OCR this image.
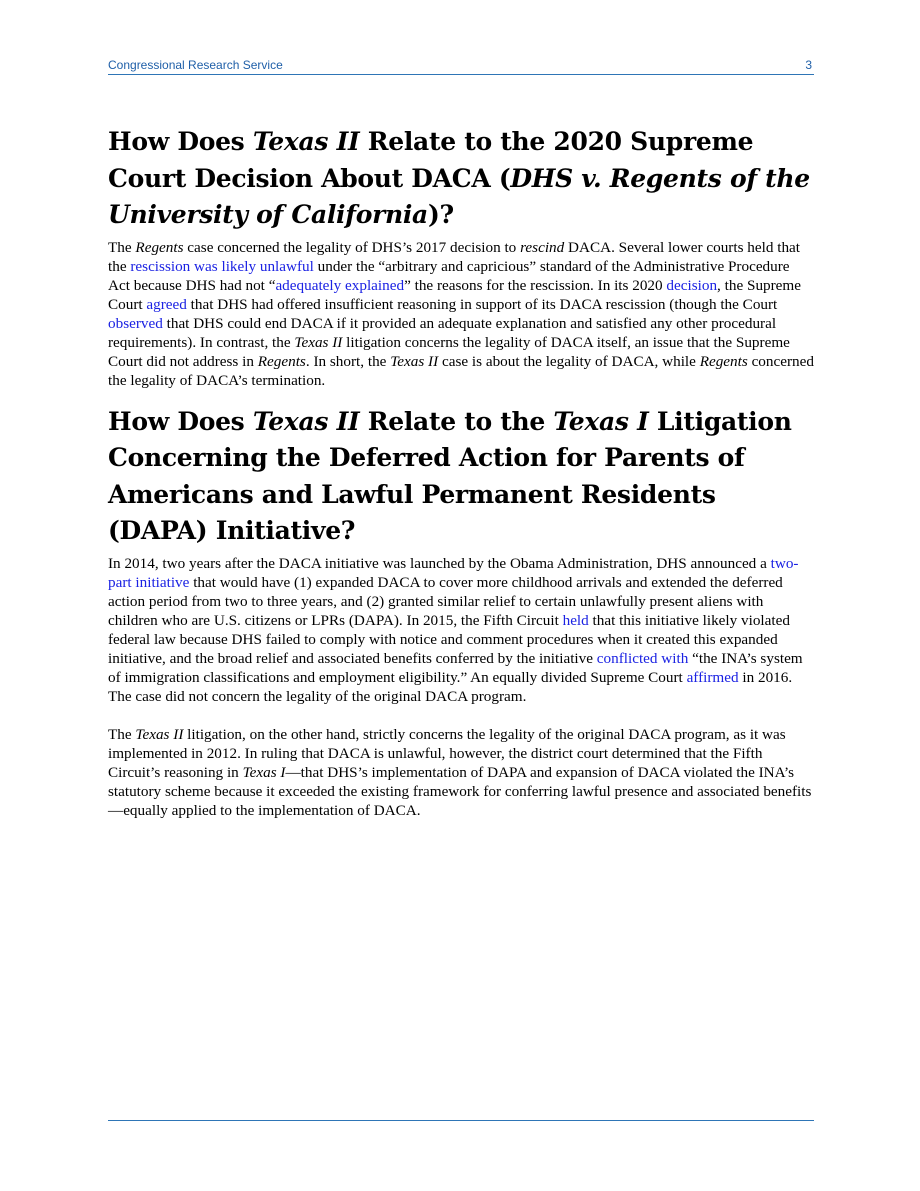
Congressional Research Service	3
How Does Texas II Relate to the 2020 Supreme Court Decision About DACA (DHS v. Regents of the University of California)?

The Regents case concerned the legality of DHS’s 2017 decision to rescind DACA. Several lower courts held that the rescission was likely unlawful under the “arbitrary and capricious” standard of the Administrative Procedure Act because DHS had not “adequately explained” the reasons for the rescission. In its 2020 decision, the Supreme Court agreed that DHS had offered insufficient reasoning in support of its DACA rescission (though the Court observed that DHS could end DACA if it provided an adequate explanation and satisfied any other procedural requirements). In contrast, the Texas II litigation concerns the legality of DACA itself, an issue that the Supreme Court did not address in Regents. In short, the Texas II case is about the legality of DACA, while Regents concerned the legality of DACA’s termination.

How Does Texas II Relate to the Texas I Litigation Concerning the Deferred Action for Parents of Americans and Lawful Permanent Residents (DAPA) Initiative?

In 2014, two years after the DACA initiative was launched by the Obama Administration, DHS announced a two-part initiative that would have (1) expanded DACA to cover more childhood arrivals and extended the deferred action period from two to three years, and (2) granted similar relief to certain unlawfully present aliens with children who are U.S. citizens or LPRs (DAPA). In 2015, the Fifth Circuit held that this initiative likely violated federal law because DHS failed to comply with notice and comment procedures when it created this expanded initiative, and the broad relief and associated benefits conferred by the initiative conflicted with “the INA’s system of immigration classifications and employment eligibility.” An equally divided Supreme Court affirmed in 2016. The case did not concern the legality of the original DACA program.

The Texas II litigation, on the other hand, strictly concerns the legality of the original DACA program, as it was implemented in 2012. In ruling that DACA is unlawful, however, the district court determined that the Fifth Circuit’s reasoning in Texas I—that DHS’s implementation of DAPA and expansion of DACA violated the INA’s statutory scheme because it exceeded the existing framework for conferring lawful presence and associated benefits—equally applied to the implementation of DACA.
